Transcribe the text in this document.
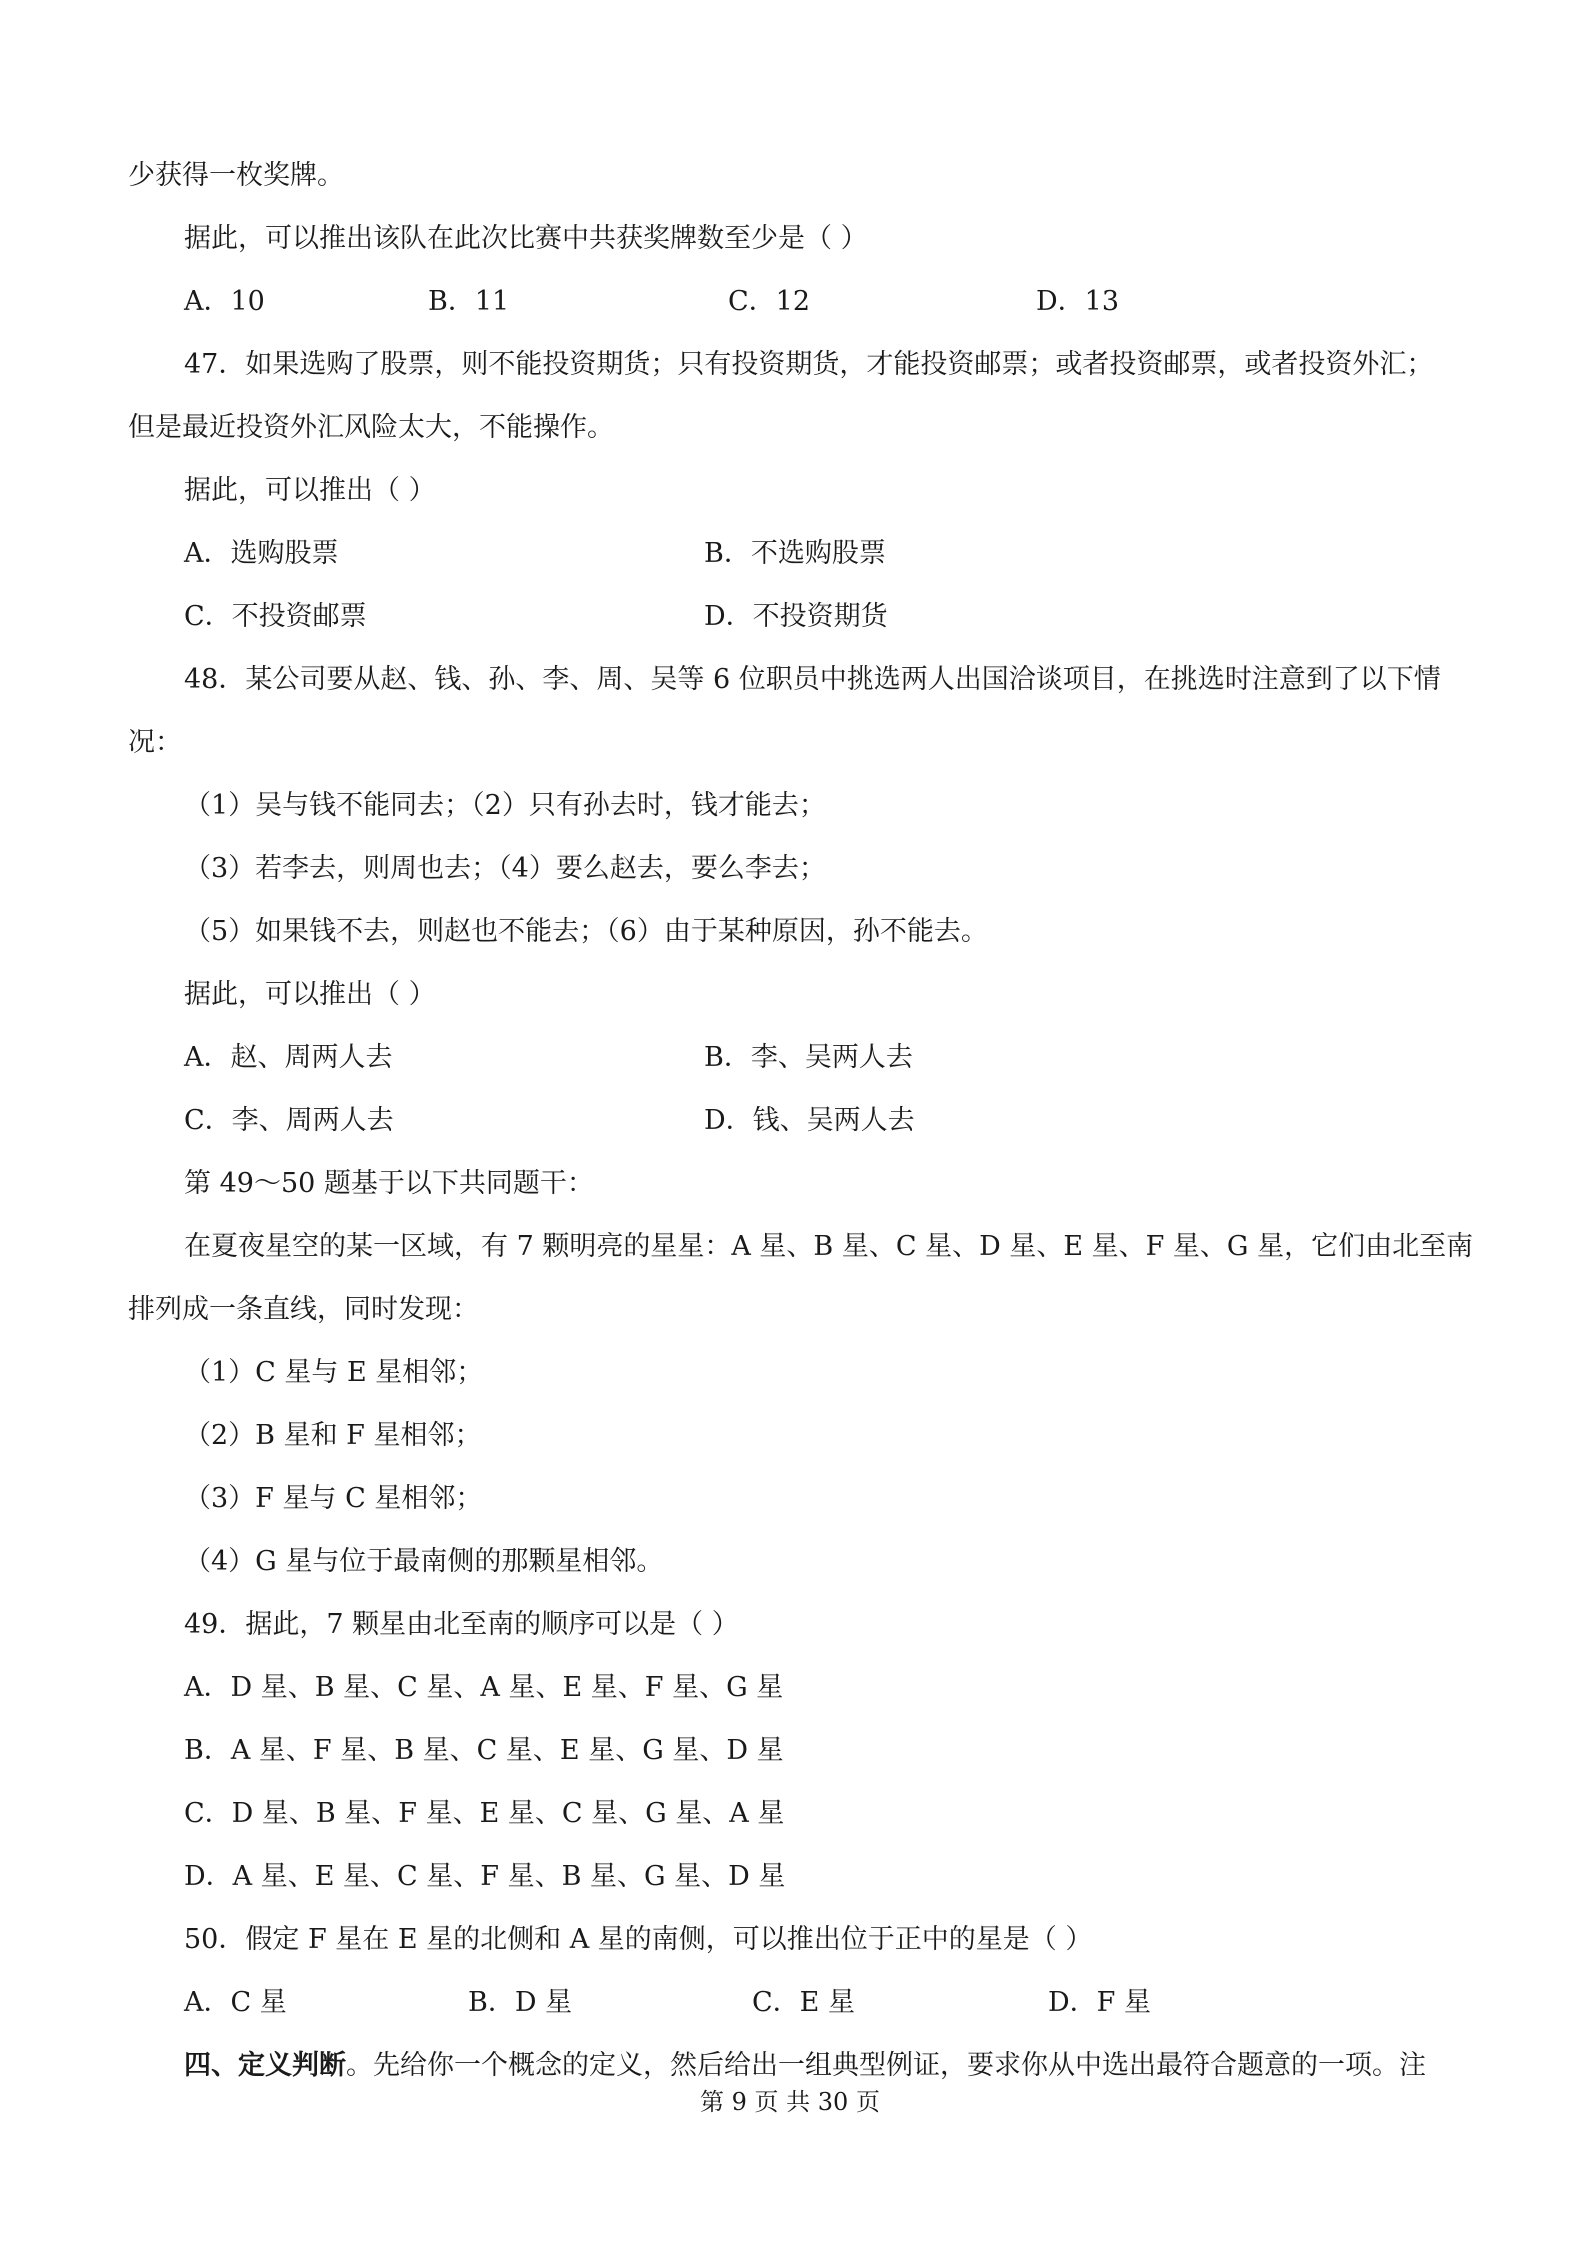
少获得一枚奖牌。
据此，可以推出该队在此次比赛中共获奖牌数至少是（ ）
A．10	B．11	C．12	D．13
47．如果选购了股票，则不能投资期货；只有投资期货，才能投资邮票；或者投资邮票，或者投资外汇；
但是最近投资外汇风险太大，不能操作。
据此，可以推出（ ）
A．选购股票	B．不选购股票
C．不投资邮票	D．不投资期货
48．某公司要从赵、钱、孙、李、周、吴等 6 位职员中挑选两人出国洽谈项目，在挑选时注意到了以下情
况：
（1）吴与钱不能同去；（2）只有孙去时，钱才能去；
（3）若李去，则周也去；（4）要么赵去，要么李去；
（5）如果钱不去，则赵也不能去；（6）由于某种原因，孙不能去。
据此，可以推出（ ）
A．赵、周两人去	B．李、吴两人去
C．李、周两人去	D．钱、吴两人去
第 49～50 题基于以下共同题干：
在夏夜星空的某一区域，有 7 颗明亮的星星：A 星、B 星、C 星、D 星、E 星、F 星、G 星，它们由北至南
排列成一条直线，同时发现：
（1）C 星与 E 星相邻；
（2）B 星和 F 星相邻；
（3）F 星与 C 星相邻；
（4）G 星与位于最南侧的那颗星相邻。
49．据此，7 颗星由北至南的顺序可以是（ ）
A．D 星、B 星、C 星、A 星、E 星、F 星、G 星
B．A 星、F 星、B 星、C 星、E 星、G 星、D 星
C．D 星、B 星、F 星、E 星、C 星、G 星、A 星
D．A 星、E 星、C 星、F 星、B 星、G 星、D 星
50．假定 F 星在 E 星的北侧和 A 星的南侧，可以推出位于正中的星是（ ）
A．C 星	B．D 星	C．E 星	D．F 星
四、定义判断。先给你一个概念的定义，然后给出一组典型例证，要求你从中选出最符合题意的一项。注
第 9 页 共 30 页
